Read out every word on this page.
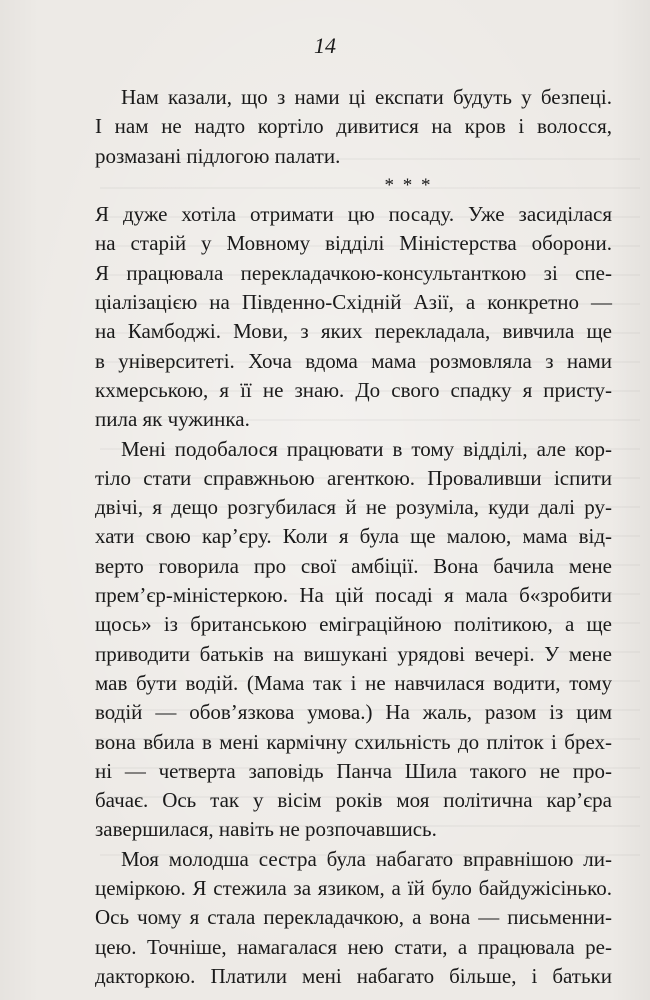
14
Нам казали, що з нами ці експати будуть у безпеці.
І нам не надто кортіло дивитися на кров і волосся,
розмазані підлогою палати.
* * *
Я дуже хотіла отримати цю посаду. Уже засиділася
на старій у Мовному відділі Міністерства оборони.
Я працювала перекладачкою-консультанткою зі спе-
ціалізацією на Південно-Східній Азії, а конкретно —
на Камбоджі. Мови, з яких перекладала, вивчила ще
в університеті. Хоча вдома мама розмовляла з нами
кхмерською, я її не знаю. До свого спадку я присту-
пила як чужинка.
Мені подобалося працювати в тому відділі, але кор-
тіло стати справжньою агенткою. Проваливши іспити
двічі, я дещо розгубилася й не розуміла, куди далі ру-
хати свою кар’єру. Коли я була ще малою, мама від-
верто говорила про свої амбіції. Вона бачила мене
прем’єр-міністеркою. На цій посаді я мала б«зробити
щось» із британською еміграційною політикою, а ще
приводити батьків на вишукані урядові вечері. У мене
мав бути водій. (Мама так і не навчилася водити, тому
водій — обов’язкова умова.) На жаль, разом із цим
вона вбила в мені кармічну схильність до пліток і брех-
ні — четверта заповідь Панча Шила такого не про-
бачає. Ось так у вісім років моя політична кар’єра
завершилася, навіть не розпочавшись.
Моя молодша сестра була набагато вправнішою ли-
цеміркою. Я стежила за язиком, а їй було байдужісінько.
Ось чому я стала перекладачкою, а вона — письменни-
цею. Точніше, намагалася нею стати, а працювала ре-
дакторкою. Платили мені набагато більше, і батьки
